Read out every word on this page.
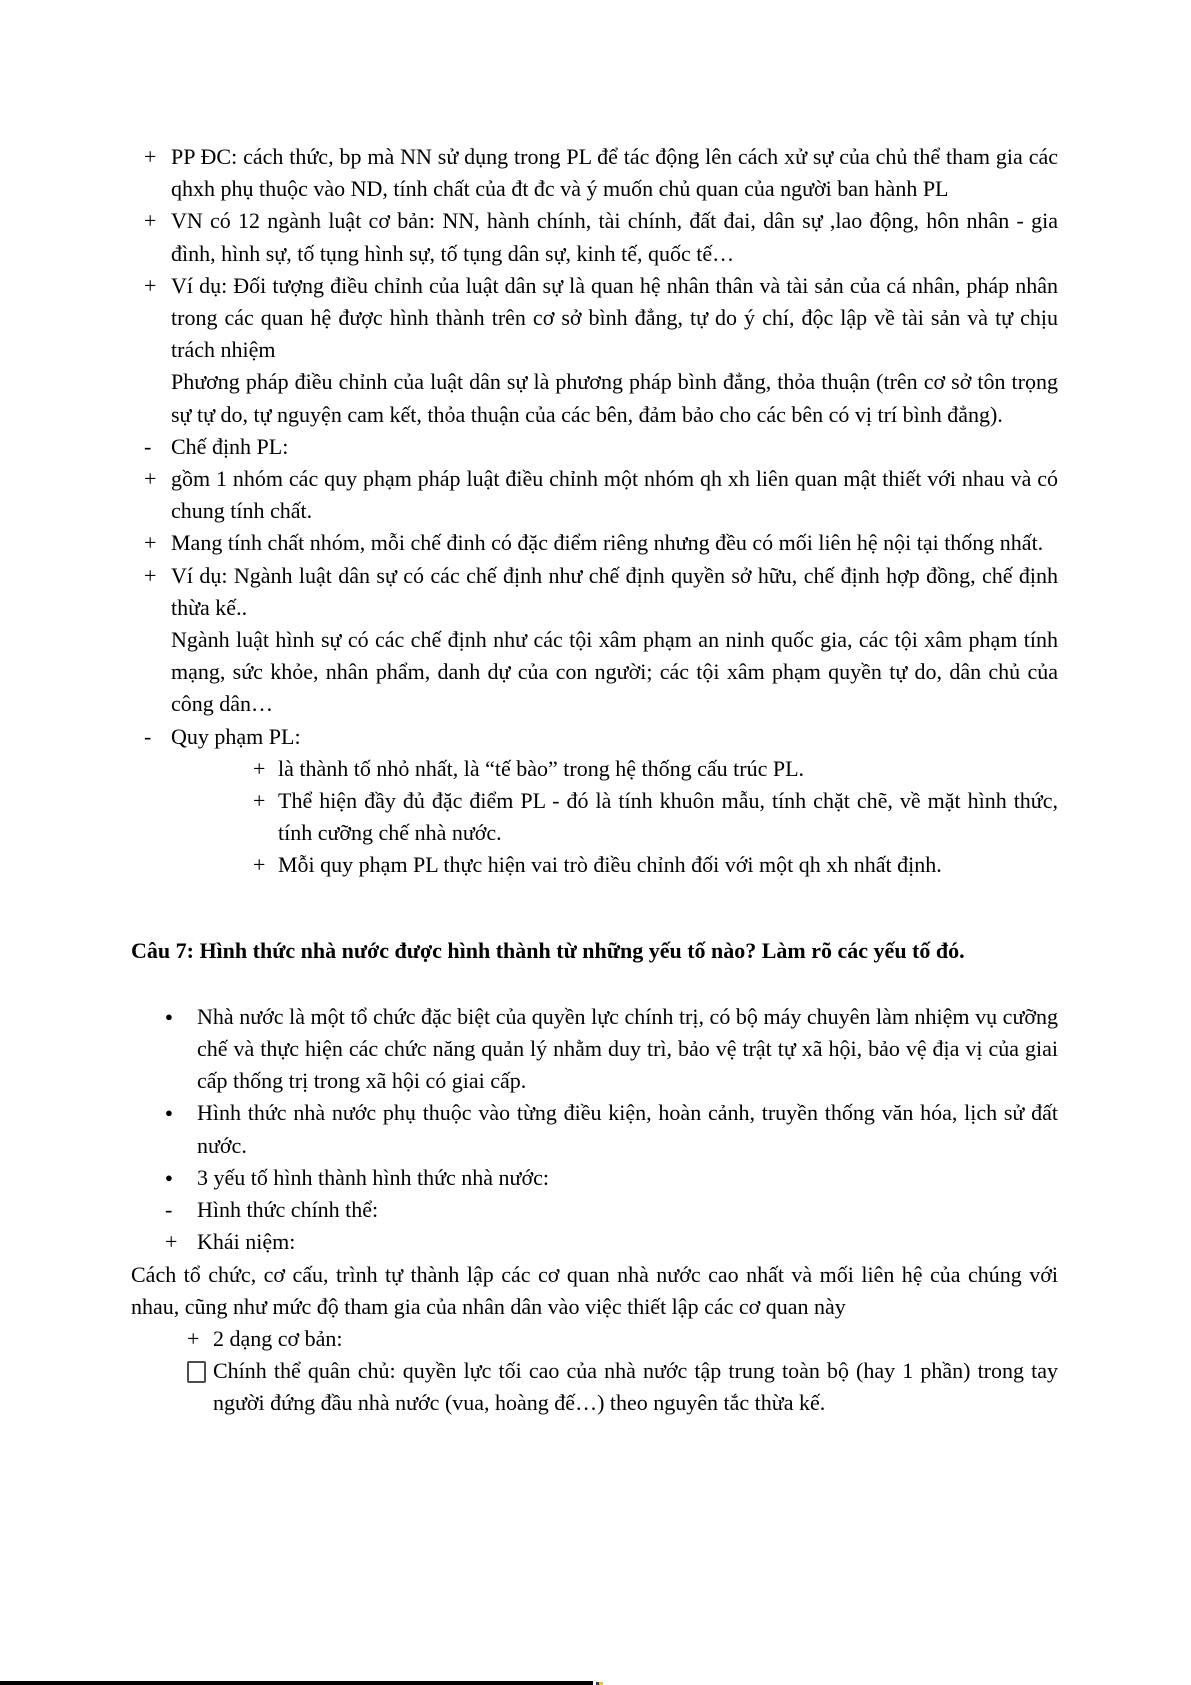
+ PP ĐC: cách thức, bp mà NN sử dụng trong PL để tác động lên cách xử sự của chủ thể tham gia các qhxh phụ thuộc vào ND, tính chất của đt đc và ý muốn chủ quan của người ban hành PL
+ VN có 12 ngành luật cơ bản: NN, hành chính, tài chính, đất đai, dân sự ,lao động, hôn nhân - gia đình, hình sự, tố tụng hình sự, tố tụng dân sự, kinh tế, quốc tế…
+ Ví dụ: Đối tượng điều chỉnh của luật dân sự là quan hệ nhân thân và tài sản của cá nhân, pháp nhân trong các quan hệ được hình thành trên cơ sở bình đẳng, tự do ý chí, độc lập về tài sản và tự chịu trách nhiệm
Phương pháp điều chỉnh của luật dân sự là phương pháp bình đẳng, thỏa thuận (trên cơ sở tôn trọng sự tự do, tự nguyện cam kết, thỏa thuận của các bên, đảm bảo cho các bên có vị trí bình đẳng).
- Chế định PL:
+ gồm 1 nhóm các quy phạm pháp luật điều chỉnh một nhóm qh xh liên quan mật thiết với nhau và có chung tính chất.
+ Mang tính chất nhóm, mỗi chế đinh có đặc điểm riêng nhưng đều có mối liên hệ nội tại thống nhất.
+ Ví dụ: Ngành luật dân sự có các chế định như chế định quyền sở hữu, chế định hợp đồng, chế định thừa kế..
Ngành luật hình sự có các chế định như các tội xâm phạm an ninh quốc gia, các tội xâm phạm tính mạng, sức khỏe, nhân phẩm, danh dự của con người; các tội xâm phạm quyền tự do, dân chủ của công dân…
- Quy phạm PL:
+ là thành tố nhỏ nhất, là “tế bào” trong hệ thống cấu trúc PL.
+ Thể hiện đầy đủ đặc điểm PL - đó là tính khuôn mẫu, tính chặt chẽ, về mặt hình thức, tính cưỡng chế nhà nước.
+ Mỗi quy phạm PL thực hiện vai trò điều chỉnh đối với một qh xh nhất định.
Câu 7: Hình thức nhà nước được hình thành từ những yếu tố nào? Làm rõ các yếu tố đó.
● Nhà nước là một tổ chức đặc biệt của quyền lực chính trị, có bộ máy chuyên làm nhiệm vụ cưỡng chế và thực hiện các chức năng quản lý nhằm duy trì, bảo vệ trật tự xã hội, bảo vệ địa vị của giai cấp thống trị trong xã hội có giai cấp.
● Hình thức nhà nước phụ thuộc vào từng điều kiện, hoàn cảnh, truyền thống văn hóa, lịch sử đất nước.
● 3 yếu tố hình thành hình thức nhà nước:
- Hình thức chính thể:
+ Khái niệm:
Cách tổ chức, cơ cấu, trình tự thành lập các cơ quan nhà nước cao nhất và mối liên hệ của chúng với nhau, cũng như mức độ tham gia của nhân dân vào việc thiết lập các cơ quan này
+ 2 dạng cơ bản:
Chính thể quân chủ: quyền lực tối cao của nhà nước tập trung toàn bộ (hay 1 phần) trong tay người đứng đầu nhà nước (vua, hoàng đế…) theo nguyên tắc thừa kế.
